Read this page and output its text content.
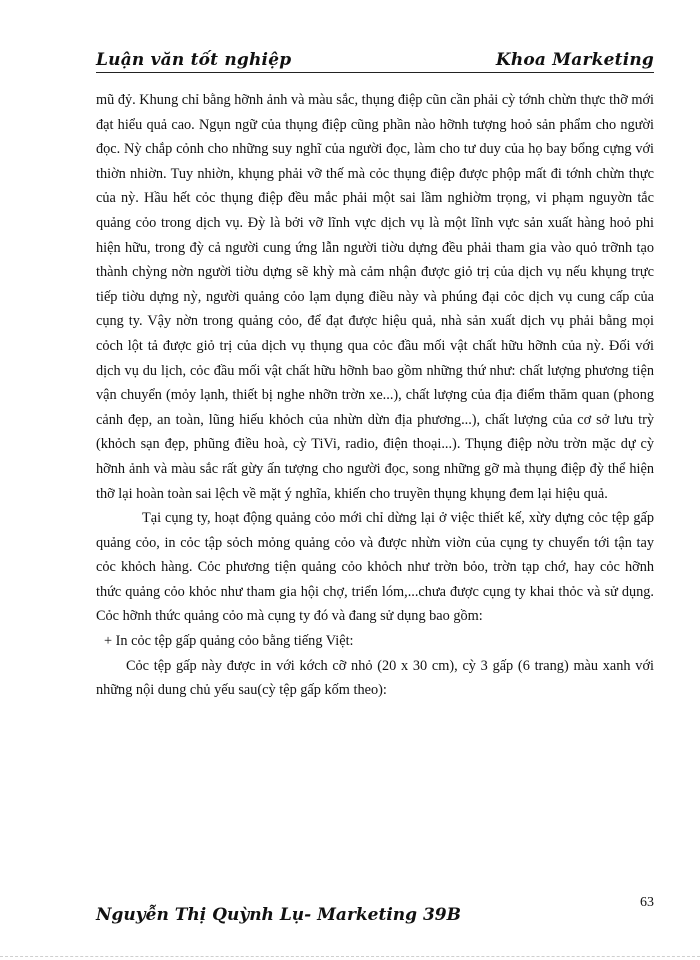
Luận văn tốt nghiệp	Khoa Marketing

mũ đỷ. Khung chỉ bằng hỡnh ảnh và màu sắc, thụng điệp cũn cần phải cỳ tớnh chừn thực thỡ mới đạt hiểu quả cao. Ngụn ngữ của thụng điệp cũng phần nào hỡnh tượng hoỏ sản phẩm cho người đọc. Nỳ chắp cỏnh cho những suy nghĩ của người đọc, làm cho tư duy của họ bay bổng cựng với thiờn nhiờn. Tuy nhiờn, khụng phải vỡ thế mà cỏc thụng điệp được phộp mất đi tớnh chừn thực của nỳ. Hầu hết cỏc thụng điệp đều mắc phải một sai lầm nghiờm trọng, vi phạm nguyờn tắc quảng cỏo trong dịch vụ. Đỳ là bởi vỡ lĩnh vực dịch vụ là một lĩnh vực sản xuất hàng hoỏ phi hiện hữu, trong đỳ cả người cung ứng lẫn người tiờu dựng đều phải tham gia vào quỏ trỡnh tạo thành chỳng nờn người tiờu dựng sẽ khỳ mà cảm nhận được giỏ trị của dịch vụ nếu khụng trực tiếp tiờu dựng nỳ, người quảng cỏo lạm dụng điều này và phúng đại cỏc dịch vụ cung cấp của cụng ty. Vậy nờn trong quảng cỏo, để đạt được hiệu quả, nhà sản xuất dịch vụ phải bằng mọi cỏch lột tả được giỏ trị của dịch vụ thụng qua cỏc đầu mối vật chất hữu hỡnh của nỳ. Đối với dịch vụ du lịch, cỏc đầu mối vật chất hữu hỡnh bao gồm những thứ như: chất lượng phương tiện vận chuyển (mỏy lạnh, thiết bị nghe nhỡn trờn xe...), chất lượng của địa điểm thăm quan (phong cảnh đẹp, an toàn, lũng hiếu khỏch của nhừn dừn địa phương...), chất lượng của cơ sở lưu trỳ (khỏch sạn đẹp, phũng điều hoà, cỳ TiVi, radio, điện thoại...). Thụng điệp nờu trờn mặc dự cỳ hỡnh ảnh và màu sắc rất gừy ấn tượng cho người đọc, song những gỡ mà thụng điệp đỳ thể hiện thỡ lại hoàn toàn sai lệch về mặt ý nghĩa, khiến cho truyền thụng khụng đem lại hiệu quả.

Tại cụng ty, hoạt động quảng cỏo mới chỉ dừng lại ở việc thiết kế, xừy dựng cỏc tệp gấp quảng cỏo, in cỏc tập sỏch mỏng quảng cỏo và được nhừn viờn của cụng ty chuyển tới tận tay cỏc khỏch hàng. Cỏc phương tiện quảng cỏo khỏch như trờn bỏo, trờn tạp chớ, hay cỏc hỡnh thức quảng cỏo khỏc như tham gia hội chợ, triển lóm,...chưa được cụng ty khai thỏc và sử dụng. Cỏc hỡnh thức quảng cỏo mà cụng ty đó và đang sử dụng bao gồm:

+ In cỏc tệp gấp quảng cỏo bằng tiếng Việt:

Cỏc tệp gấp này được in với kớch cỡ nhỏ (20 x 30 cm), cỳ 3 gấp (6 trang) màu xanh với những nội dung chủ yếu sau(cỳ tệp gấp kốm theo):

Nguyễn Thị Quỳnh Lụ- Marketing 39B
63
